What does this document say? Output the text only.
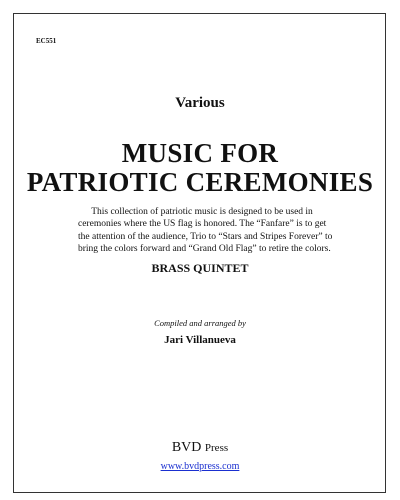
EC551
Various
MUSIC FOR
PATRIOTIC CEREMONIES
This collection of patriotic music is designed to be used in
ceremonies where the US flag is honored. The “Fanfare” is to get
the attention of the audience, Trio to “Stars and Stripes Forever” to
bring the colors forward and “Grand Old Flag” to retire the colors.
BRASS QUINTET
Compiled and arranged by
Jari Villanueva
BVD Press
www.bvdpress.com
